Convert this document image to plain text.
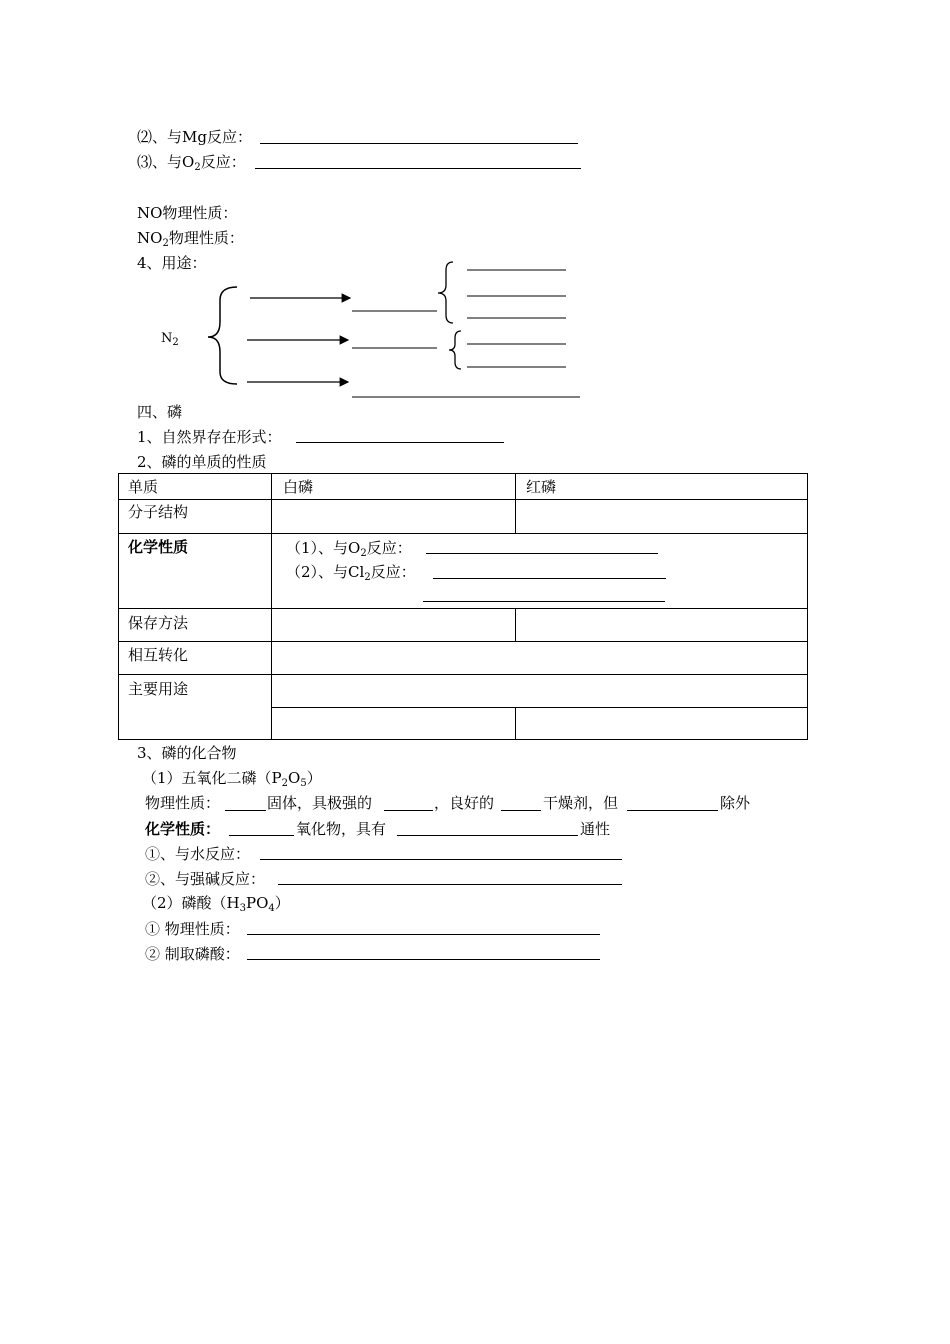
⑵、与Mg反应：
⑶、与$O_2$反应：
NO物理性质：
$NO_2$物理性质：
4、用途：
$N_2$
四、磷
1、自然界存在形式：
2、磷的单质的性质
单质	白磷	红磷
分子结构
化学性质	（1）、与$O_2$反应：
（2）、与$Cl_2$反应：
保存方法
相互转化
主要用途
3、磷的化合物
（1）五氧化二磷$(P_2O_5)$
物理性质：	固体，具极强的	，良好的	干燥剂，但	除外
化学性质：	氧化物，具有	通性
①、与水反应：
②、与强碱反应：
（2）磷酸$(H_3PO_4)$
① 物理性质：
② 制取磷酸：
